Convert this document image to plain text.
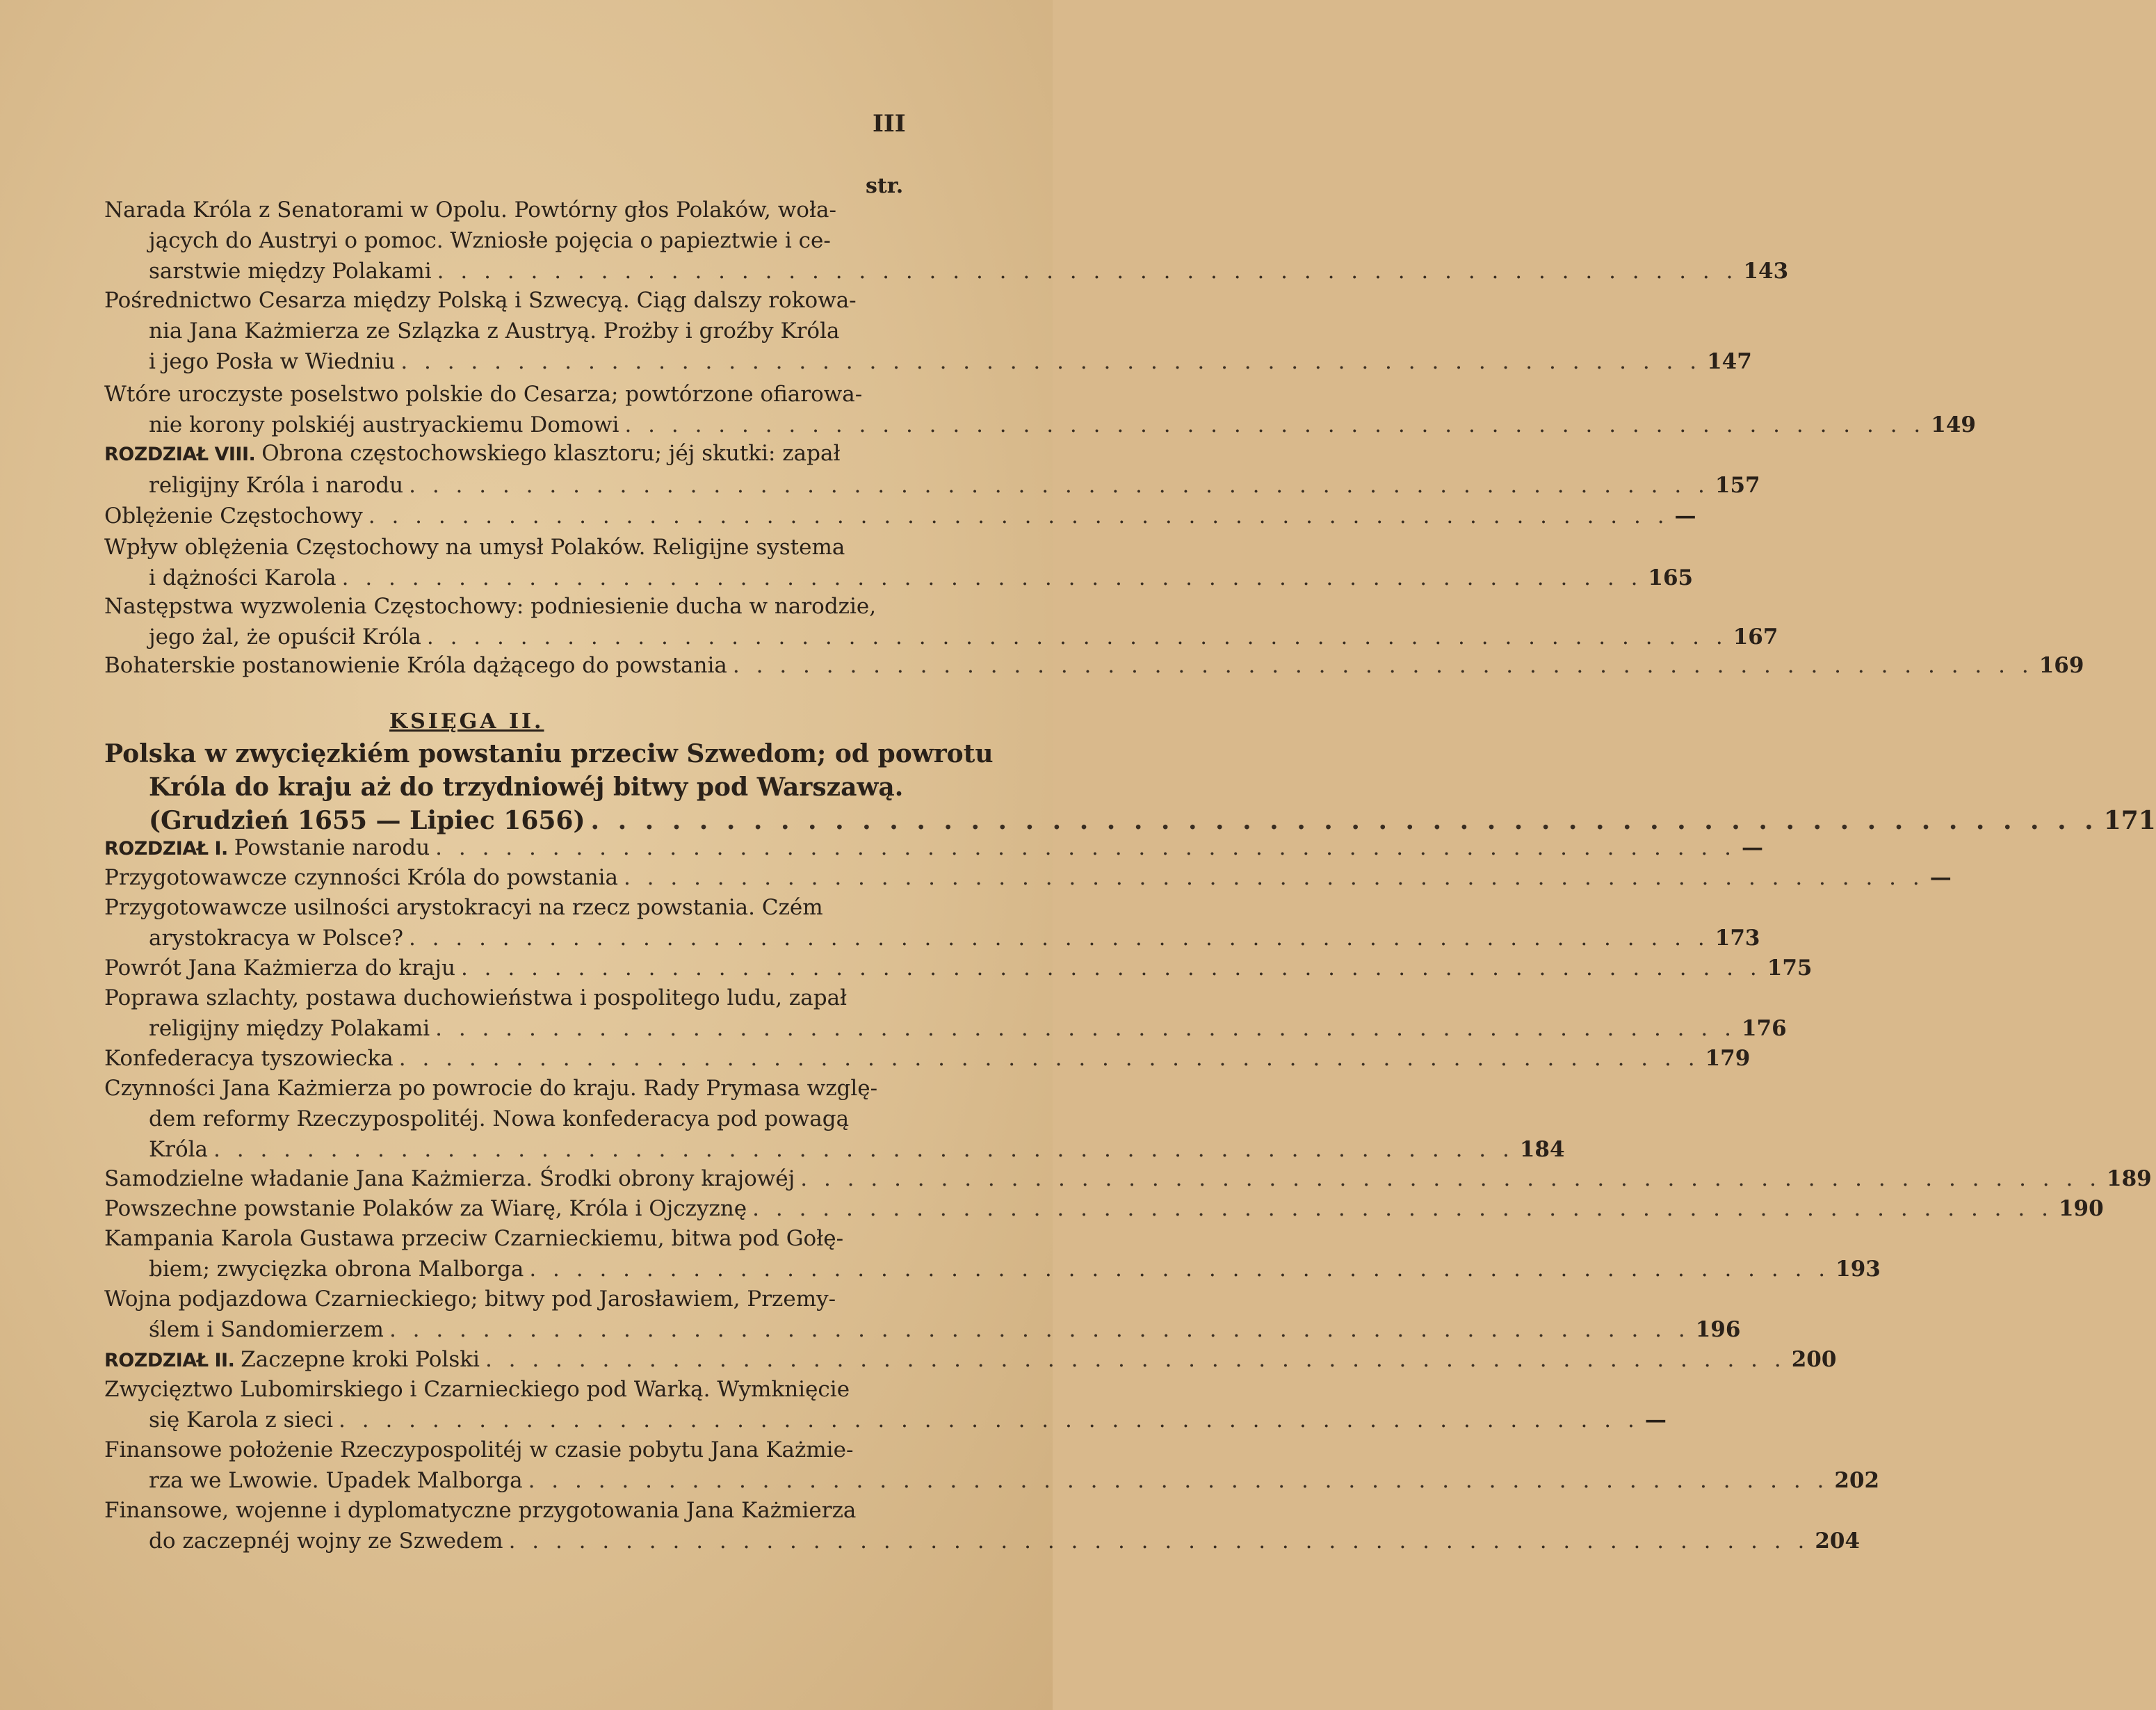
III
str.
KSIĘGA II.
Narada Króla z Senatorami w Opolu. Powtórny głos Polaków, woła-
jących do Austryi o pomoc. Wzniosłe pojęcia o papieztwie i ce-
sarstwie między Polakami . . . . . . . . . . . . . . . . . . . . . . . . . . . . . . . . . . . . . . . . . . . . . . . . . . . . . . . . 143
Pośrednictwo Cesarza między Polską i Szwecyą. Ciąg dalszy rokowa-
nia Jana Każmierza ze Szlązka z Austryą. Prożby i groźby Króla
i jego Posła w Wiedniu . . . . . . . . . . . . . . . . . . . . . . . . . . . . . . . . . . . . . . . . . . . . . . . . . . . . . . . . 147
Wtóre uroczyste poselstwo polskie do Cesarza; powtórzone ofiarowa-
nie korony polskiéj austryackiemu Domowi . . . . . . . . . . . . . . . . . . . . . . . . . . . . . . . . . . . . . . . . . . . . . . . . . . . . . . . . 149
ROZDZIAŁ VIII. Obrona częstochowskiego klasztoru; jéj skutki: zapał
religijny Króla i narodu . . . . . . . . . . . . . . . . . . . . . . . . . . . . . . . . . . . . . . . . . . . . . . . . . . . . . . . . 157
Oblężenie Częstochowy . . . . . . . . . . . . . . . . . . . . . . . . . . . . . . . . . . . . . . . . . . . . . . . . . . . . . . . . —
Wpływ oblężenia Częstochowy na umysł Polaków. Religijne systema
i dążności Karola . . . . . . . . . . . . . . . . . . . . . . . . . . . . . . . . . . . . . . . . . . . . . . . . . . . . . . . . 165
Następstwa wyzwolenia Częstochowy: podniesienie ducha w narodzie,
jego żal, że opuścił Króla . . . . . . . . . . . . . . . . . . . . . . . . . . . . . . . . . . . . . . . . . . . . . . . . . . . . . . . . 167
Bohaterskie postanowienie Króla dążącego do powstania . . . . . . . . . . . . . . . . . . . . . . . . . . . . . . . . . . . . . . . . . . . . . . . . . . . . . . . . 169
Polska w zwycięzkiém powstaniu przeciw Szwedom; od powrotu
Króla do kraju aż do trzydniowéj bitwy pod Warszawą.
(Grudzień 1655 — Lipiec 1656) . . . . . . . . . . . . . . . . . . . . . . . . . . . . . . . . . . . . . . . . . . . . . . . . . . . . . . . . 171
ROZDZIAŁ I. Powstanie narodu . . . . . . . . . . . . . . . . . . . . . . . . . . . . . . . . . . . . . . . . . . . . . . . . . . . . . . . . —
Przygotowawcze czynności Króla do powstania . . . . . . . . . . . . . . . . . . . . . . . . . . . . . . . . . . . . . . . . . . . . . . . . . . . . . . . . —
Przygotowawcze usilności arystokracyi na rzecz powstania. Czém
arystokracya w Polsce? . . . . . . . . . . . . . . . . . . . . . . . . . . . . . . . . . . . . . . . . . . . . . . . . . . . . . . . . 173
Powrót Jana Każmierza do kraju . . . . . . . . . . . . . . . . . . . . . . . . . . . . . . . . . . . . . . . . . . . . . . . . . . . . . . . . 175
Poprawa szlachty, postawa duchowieństwa i pospolitego ludu, zapał
religijny między Polakami . . . . . . . . . . . . . . . . . . . . . . . . . . . . . . . . . . . . . . . . . . . . . . . . . . . . . . . . 176
Konfederacya tyszowiecka . . . . . . . . . . . . . . . . . . . . . . . . . . . . . . . . . . . . . . . . . . . . . . . . . . . . . . . . 179
Czynności Jana Każmierza po powrocie do kraju. Rady Prymasa wzglę-
dem reformy Rzeczypospolitéj. Nowa konfederacya pod powagą
Króla . . . . . . . . . . . . . . . . . . . . . . . . . . . . . . . . . . . . . . . . . . . . . . . . . . . . . . . . 184
Samodzielne władanie Jana Każmierza. Środki obrony krajowéj . . . . . . . . . . . . . . . . . . . . . . . . . . . . . . . . . . . . . . . . . . . . . . . . . . . . . . . . 189
Powszechne powstanie Polaków za Wiarę, Króla i Ojczyznę . . . . . . . . . . . . . . . . . . . . . . . . . . . . . . . . . . . . . . . . . . . . . . . . . . . . . . . . 190
Kampania Karola Gustawa przeciw Czarnieckiemu, bitwa pod Gołę-
biem; zwycięzka obrona Malborga . . . . . . . . . . . . . . . . . . . . . . . . . . . . . . . . . . . . . . . . . . . . . . . . . . . . . . . . 193
Wojna podjazdowa Czarnieckiego; bitwy pod Jarosławiem, Przemy-
ślem i Sandomierzem . . . . . . . . . . . . . . . . . . . . . . . . . . . . . . . . . . . . . . . . . . . . . . . . . . . . . . . . 196
ROZDZIAŁ II. Zaczepne kroki Polski . . . . . . . . . . . . . . . . . . . . . . . . . . . . . . . . . . . . . . . . . . . . . . . . . . . . . . . . 200
Zwycięztwo Lubomirskiego i Czarnieckiego pod Warką. Wymknięcie
się Karola z sieci . . . . . . . . . . . . . . . . . . . . . . . . . . . . . . . . . . . . . . . . . . . . . . . . . . . . . . . . —
Finansowe położenie Rzeczypospolitéj w czasie pobytu Jana Każmie-
rza we Lwowie. Upadek Malborga . . . . . . . . . . . . . . . . . . . . . . . . . . . . . . . . . . . . . . . . . . . . . . . . . . . . . . . . 202
Finansowe, wojenne i dyplomatyczne przygotowania Jana Każmierza
do zaczepnéj wojny ze Szwedem . . . . . . . . . . . . . . . . . . . . . . . . . . . . . . . . . . . . . . . . . . . . . . . . . . . . . . . . 204
